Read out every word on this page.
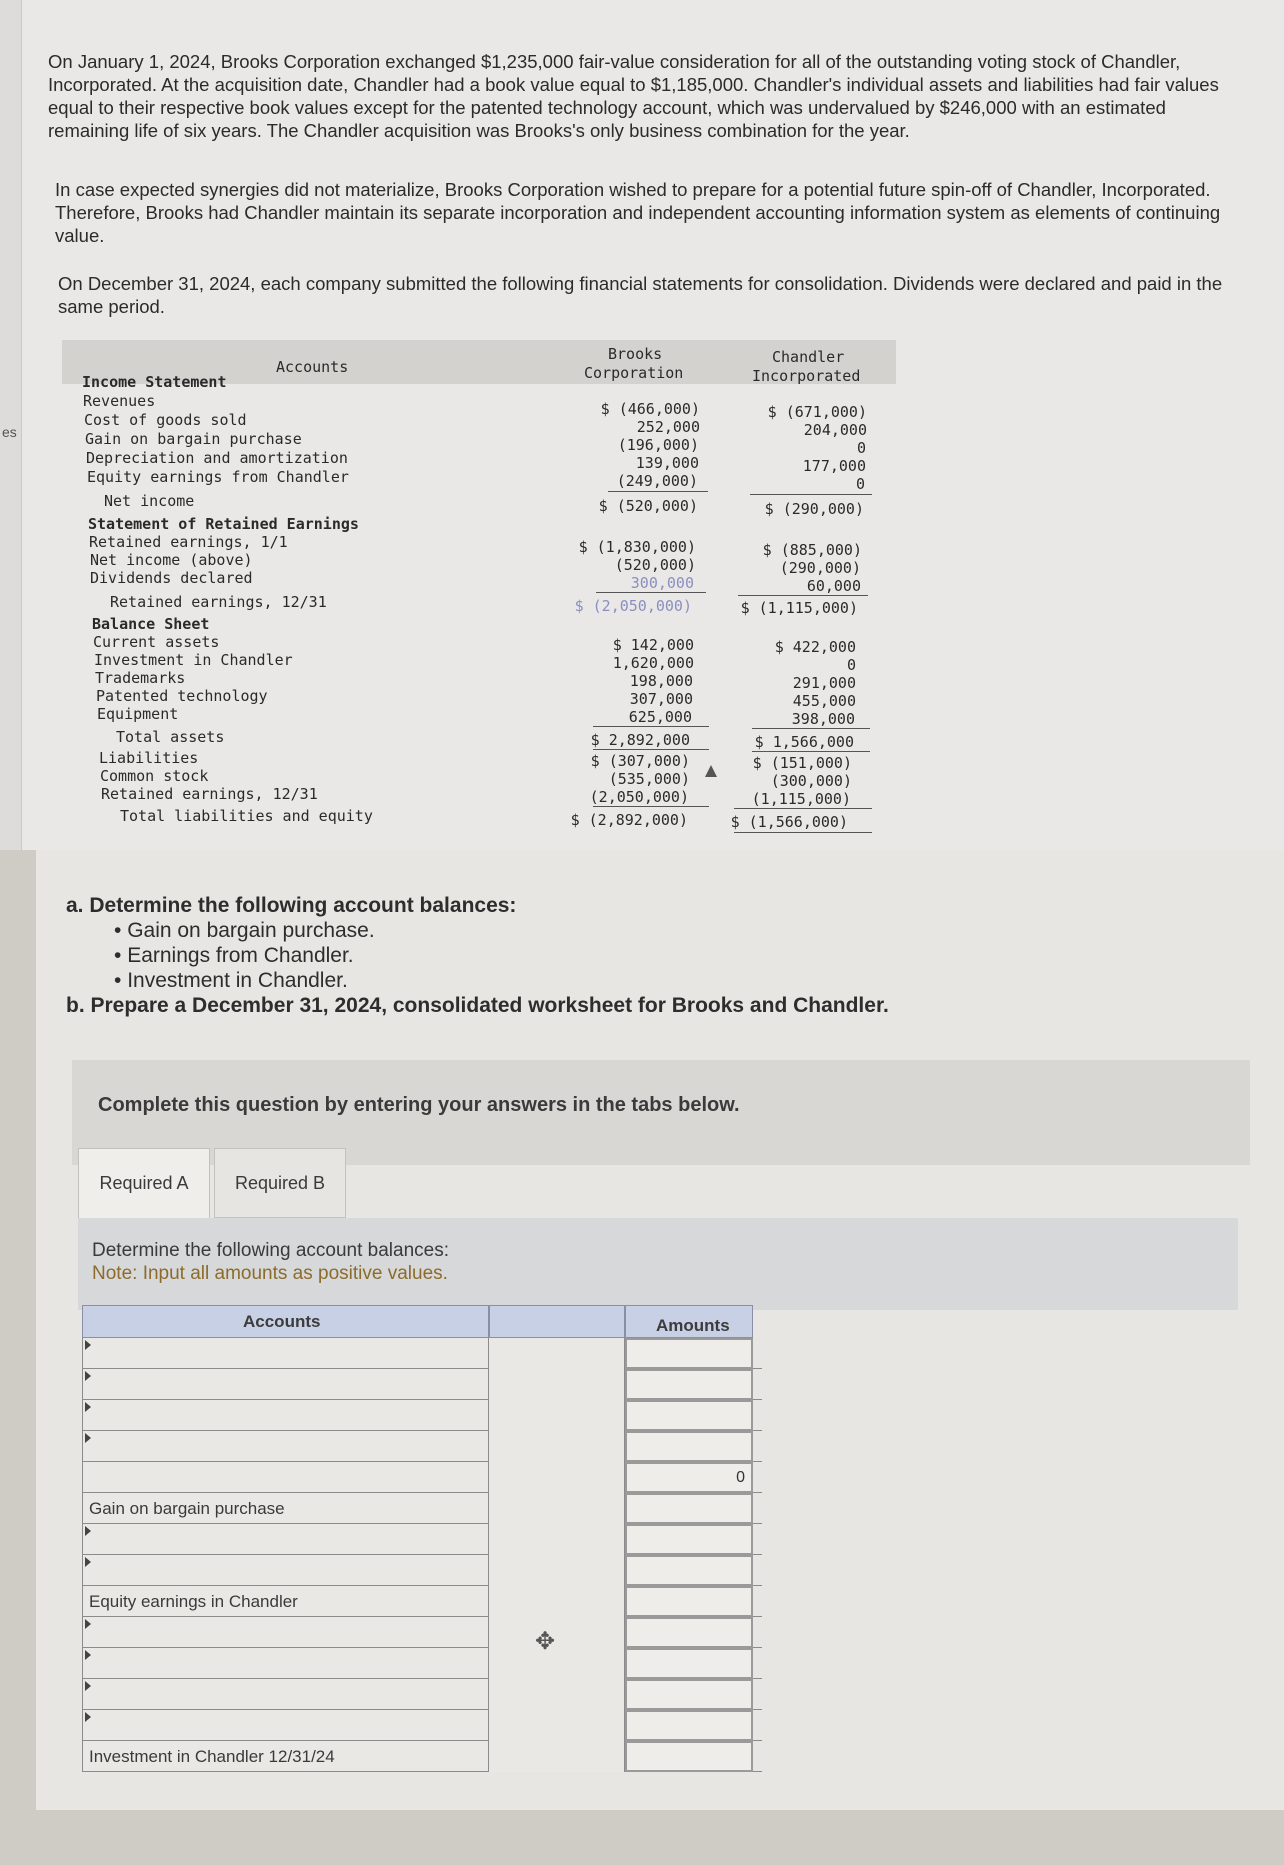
es
On January 1, 2024, Brooks Corporation exchanged $1,235,000 fair-value consideration for all of the outstanding voting stock of Chandler, Incorporated. At the acquisition date, Chandler had a book value equal to $1,185,000. Chandler's individual assets and liabilities had fair values equal to their respective book values except for the patented technology account, which was undervalued by $246,000 with an estimated remaining life of six years. The Chandler acquisition was Brooks's only business combination for the year.
In case expected synergies did not materialize, Brooks Corporation wished to prepare for a potential future spin-off of Chandler, Incorporated. Therefore, Brooks had Chandler maintain its separate incorporation and independent accounting information system as elements of continuing value.
On December 31, 2024, each company submitted the following financial statements for consolidation. Dividends were declared and paid in the same period.
Accounts
Brooks
Corporation
Chandler
Incorporated
Income Statement
Revenues
Cost of goods sold
Gain on bargain purchase
Depreciation and amortization
Equity earnings from Chandler
Net income
Statement of Retained Earnings
Retained earnings, 1/1
Net income (above)
Dividends declared
Retained earnings, 12/31
Balance Sheet
Current assets
Investment in Chandler
Trademarks
Patented technology
Equipment
Total assets
Liabilities
Common stock
Retained earnings, 12/31
Total liabilities and equity
$ (466,000)
252,000
(196,000)
139,000
(249,000)
$ (520,000)
$ (1,830,000)
(520,000)
300,000
$ (2,050,000)
$ 142,000
1,620,000
198,000
307,000
625,000
$ 2,892,000
$ (307,000)
(535,000)
(2,050,000)
$ (2,892,000)
$ (671,000)
204,000
0
177,000
0
$ (290,000)
$ (885,000)
(290,000)
60,000
$ (1,115,000)
$ 422,000
0
291,000
455,000
398,000
$ 1,566,000
$ (151,000)
(300,000)
(1,115,000)
$ (1,566,000)
a. Determine the following account balances:
• Gain on bargain purchase.
• Earnings from Chandler.
• Investment in Chandler.
b. Prepare a December 31, 2024, consolidated worksheet for Brooks and Chandler.
Complete this question by entering your answers in the tabs below.
Required A	Required B
Determine the following account balances:
Note: Input all amounts as positive values.
Accounts	Amounts
0
Gain on bargain purchase
Equity earnings in Chandler
Investment in Chandler 12/31/24
✥
